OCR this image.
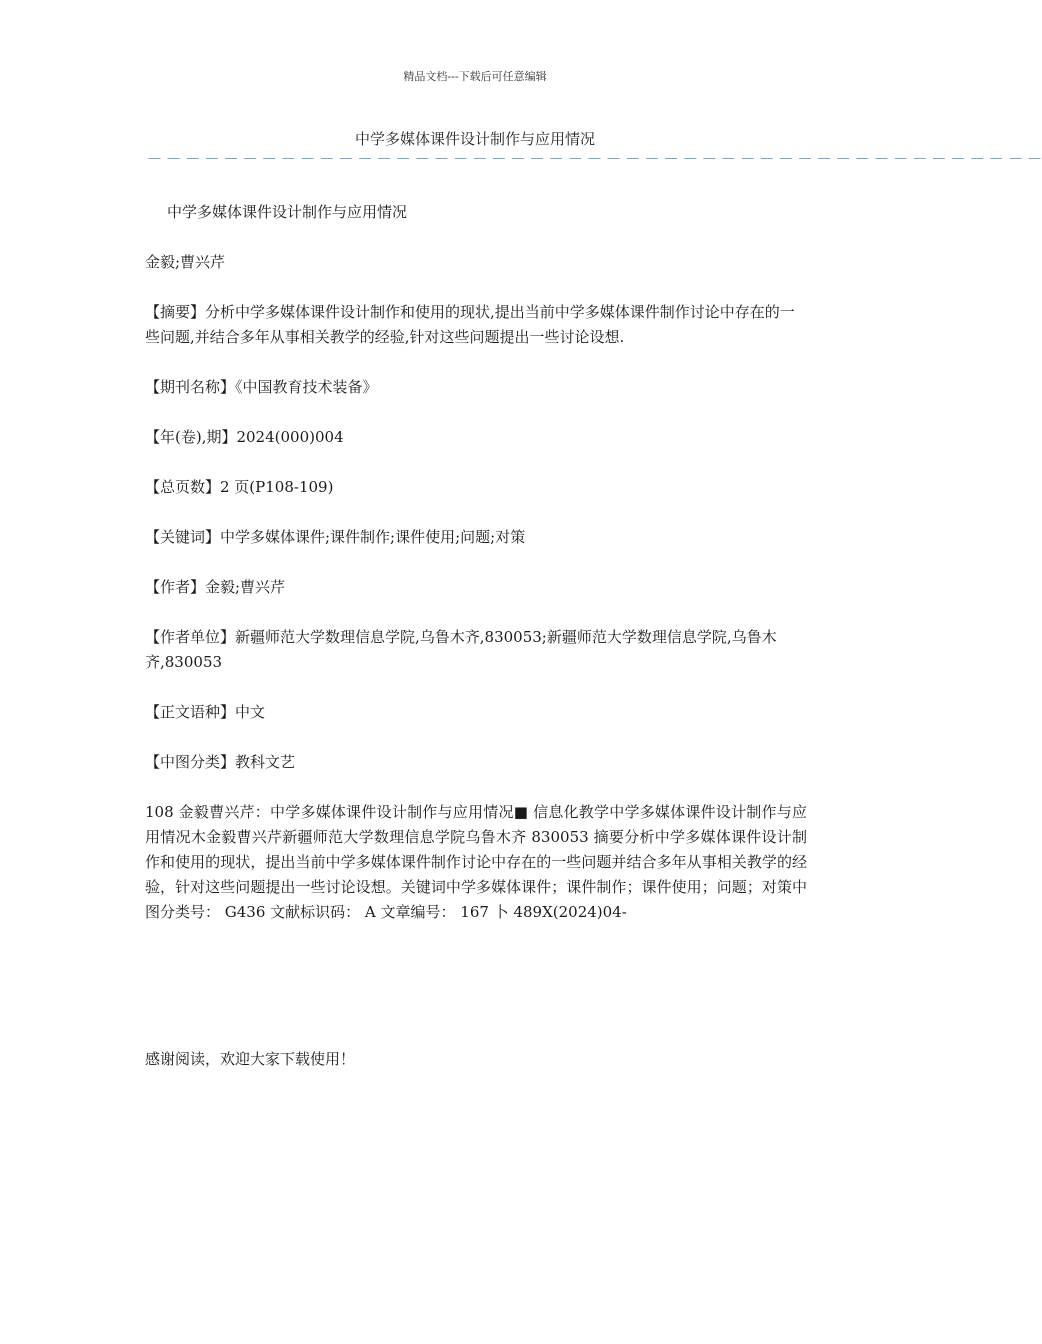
精品文档---下载后可任意编辑
中学多媒体课件设计制作与应用情况
— — — — — — — — — — — — — — — — — — — — — — — — — — — — — — — — — — — — — — — — — — — — — — —

中学多媒体课件设计制作与应用情况

金毅;曹兴芹

【摘要】分析中学多媒体课件设计制作和使用的现状,提出当前中学多媒体课件制作讨论中存在的一些问题,并结合多年从事相关教学的经验,针对这些问题提出一些讨论设想.

【期刊名称】《中国教育技术装备》

【年(卷),期】2024(000)004

【总页数】2 页(P108-109)

【关键词】中学多媒体课件;课件制作;课件使用;问题;对策

【作者】金毅;曹兴芹

【作者单位】新疆师范大学数理信息学院,乌鲁木齐,830053;新疆师范大学数理信息学院,乌鲁木齐,830053

【正文语种】中文

【中图分类】教科文艺

108 金毅曹兴芹：中学多媒体课件设计制作与应用情况■ 信息化教学中学多媒体课件设计制作与应用情况木金毅曹兴芹新疆师范大学数理信息学院乌鲁木齐 830053 摘要分析中学多媒体课件设计制作和使用的现状，提出当前中学多媒体课件制作讨论中存在的一些问题并结合多年从事相关教学的经验，针对这些问题提出一些讨论设想。关键词中学多媒体课件；课件制作；课件使用；问题；对策中图分类号： G436 文献标识码： A 文章编号： 167 卜 489X(2024)04-

感谢阅读，欢迎大家下载使用！
